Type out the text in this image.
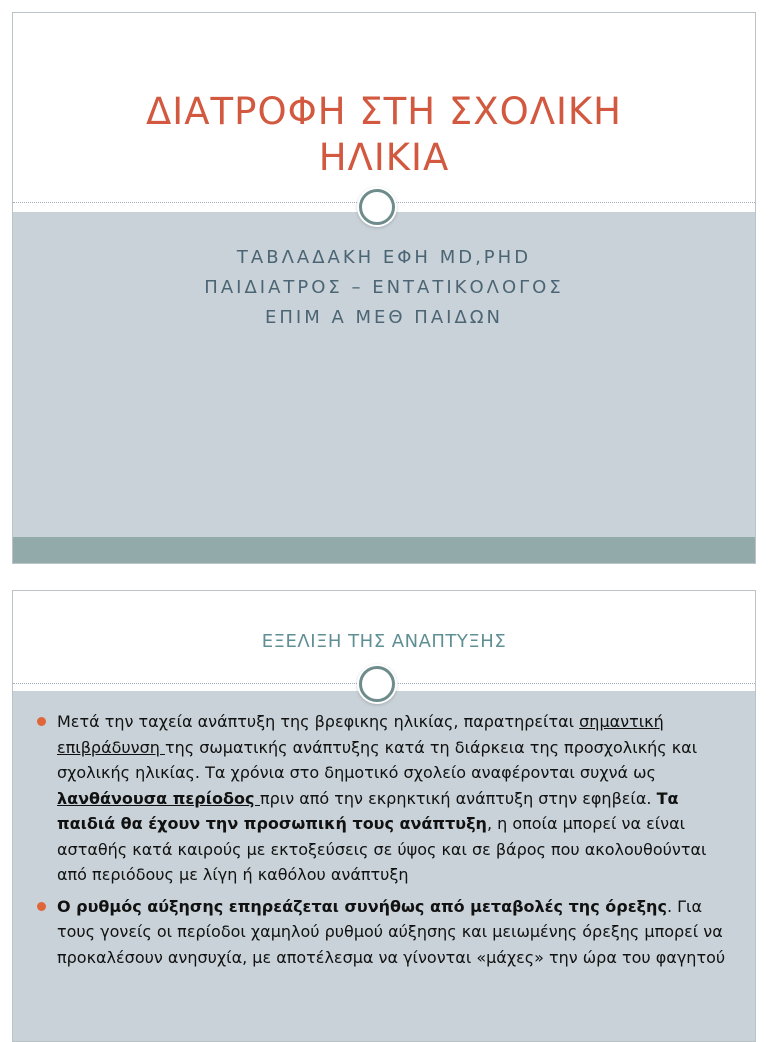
ΔΙΑΤΡΟΦΗ ΣΤΗ ΣΧΟΛΙΚΗ
ΗΛΙΚΙΑ
ΤΑΒΛΑΔΑΚΗ ΕΦΗ MD,PHD
ΠΑΙΔΙΑΤΡΟΣ – ΕΝΤΑΤΙΚΟΛΟΓΟΣ
ΕΠΙΜ Α ΜΕΘ ΠΑΙΔΩΝ
ΕΞΕΛΙΞΗ ΤΗΣ ΑΝΑΠΤΥΞΗΣ
Μετά την ταχεία ανάπτυξη της βρεφικης ηλικίας, παρατηρείται σημαντική επιβράδυνση της σωματικής ανάπτυξης κατά τη διάρκεια της προσχολικής και σχολικής ηλικίας. Τα χρόνια στο δημοτικό σχολείο αναφέρονται συχνά ως λανθάνουσα περίοδος πριν από την εκρηκτική ανάπτυξη στην εφηβεία. Τα παιδιά θα έχουν την προσωπική τους ανάπτυξη, η οποία μπορεί να είναι ασταθής κατά καιρούς με εκτοξεύσεις σε ύψος και σε βάρος που ακολουθούνται από περιόδους με λίγη ή καθόλου ανάπτυξη
Ο ρυθμός αύξησης επηρεάζεται συνήθως από μεταβολές της όρεξης. Για τους γονείς οι περίοδοι χαμηλού ρυθμού αύξησης και μειωμένης όρεξης μπορεί να προκαλέσουν ανησυχία, με αποτέλεσμα να γίνονται «μάχες» την ώρα του φαγητού
